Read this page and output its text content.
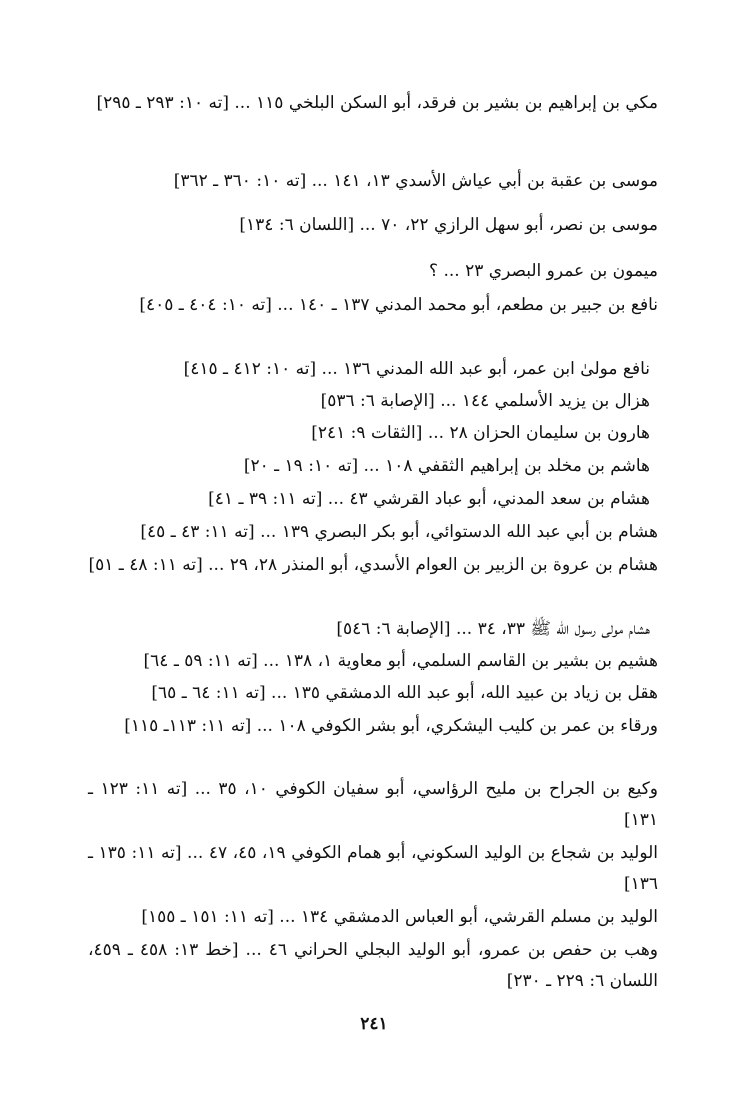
مكي بن إبراهيم بن بشير بن فرقد، أبو السكن البلخي ١١٥ ... [ته ١٠: ٢٩٣ ـ ٢٩٥]
موسى بن عقبة بن أبي عياش الأسدي ١٣، ١٤١ ... [ته ١٠: ٣٦٠ ـ ٣٦٢]
موسى بن نصر، أبو سهل الرازي ٢٢، ٧٠ ... [اللسان ٦: ١٣٤]
ميمون بن عمرو البصري ٢٣ ... ؟
نافع بن جبير بن مطعم، أبو محمد المدني ١٣٧ ـ ١٤٠ ... [ته ١٠: ٤٠٤ ـ ٤٠٥]
نافع مولىٰ ابن عمر، أبو عبد الله المدني ١٣٦ ... [ته ١٠: ٤١٢ ـ ٤١٥]
هزال بن يزيد الأسلمي ١٤٤ ... [الإصابة ٦: ٥٣٦]
هارون بن سليمان الحزان ٢٨ ... [الثقات ٩: ٢٤١]
هاشم بن مخلد بن إبراهيم الثقفي ١٠٨ ... [ته ١٠: ١٩ ـ ٢٠]
هشام بن سعد المدني، أبو عباد القرشي ٤٣ ... [ته ١١: ٣٩ ـ ٤١]
هشام بن أبي عبد الله الدستوائي، أبو بكر البصري ١٣٩ ... [ته ١١: ٤٣ ـ ٤٥]
هشام بن عروة بن الزبير بن العوام الأسدي، أبو المنذر ٢٨، ٢٩ ... [ته ١١: ٤٨ ـ ٥١]
هشام مولى رسول الله ﷺ ٣٣، ٣٤ ... [الإصابة ٦: ٥٤٦]
هشيم بن بشير بن القاسم السلمي، أبو معاوية ١، ١٣٨ ... [ته ١١: ٥٩ ـ ٦٤]
هقل بن زياد بن عبيد الله، أبو عبد الله الدمشقي ١٣٥ ... [ته ١١: ٦٤ ـ ٦٥]
ورقاء بن عمر بن كليب اليشكري، أبو بشر الكوفي ١٠٨ ... [ته ١١: ١١٣ـ ١١٥]
وكيع بن الجراح بن مليح الرؤاسي، أبو سفيان الكوفي ١٠، ٣٥ ... [ته ١١: ١٢٣ ـ ١٣١]
الوليد بن شجاع بن الوليد السكوني، أبو همام الكوفي ١٩، ٤٥، ٤٧ ... [ته ١١: ١٣٥ ـ ١٣٦]
الوليد بن مسلم القرشي، أبو العباس الدمشقي ١٣٤ ... [ته ١١: ١٥١ ـ ١٥٥]
وهب بن حفص بن عمرو، أبو الوليد البجلي الحراني ٤٦ ... [خط ١٣: ٤٥٨ ـ ٤٥٩، اللسان ٦: ٢٢٩ ـ ٢٣٠]
٢٤١
